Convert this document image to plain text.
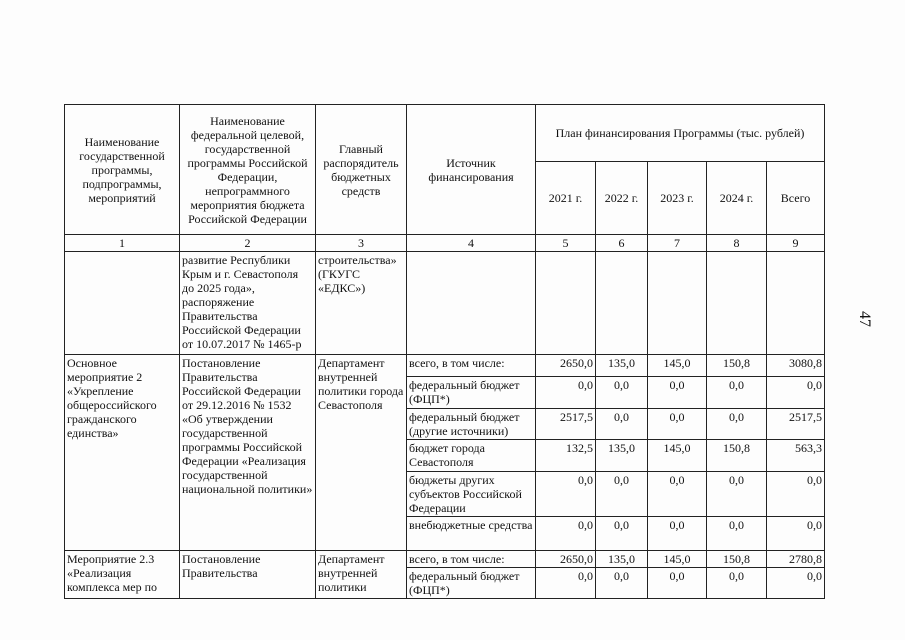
Наименование государственной программы, подпрограммы, мероприятий	Наименование федеральной целевой, государственной программы Российской Федерации, непрограммного мероприятия бюджета Российской Федерации	Главный распорядитель бюджетных средств	Источник финансирования	План финансирования Программы (тыс. рублей)				
				2021 г.	2022 г.	2023 г.	2024 г.	Всего
1	2	3	4	5	6	7	8	9
	развитие Республики Крым и г. Севастополя до 2025 года», распоряжение Правительства Российской Федерации от 10.07.2017 № 1465-р	строительства» (ГКУГС «ЕДКС»)						
Основное мероприятие 2 «Укрепление общероссийского гражданского единства»	Постановление Правительства Российской Федерации от 29.12.2016 № 1532 «Об утверждении государственной программы Российской Федерации «Реализация государственной национальной политики»	Департамент внутренней политики города Севастополя	всего, в том числе:	2650,0	135,0	145,0	150,8	3080,8
			федеральный бюджет (ФЦП*)	0,0	0,0	0,0	0,0	0,0
			федеральный бюджет (другие источники)	2517,5	0,0	0,0	0,0	2517,5
			бюджет города Севастополя	132,5	135,0	145,0	150,8	563,3
			бюджеты других субъектов Российской Федерации	0,0	0,0	0,0	0,0	0,0
			внебюджетные средства	0,0	0,0	0,0	0,0	0,0
Мероприятие 2.3 «Реализация комплекса мер по	Постановление Правительства	Департамент внутренней политики	всего, в том числе:	2650,0	135,0	145,0	150,8	2780,8
			федеральный бюджет (ФЦП*)	0,0	0,0	0,0	0,0	0,0
47
